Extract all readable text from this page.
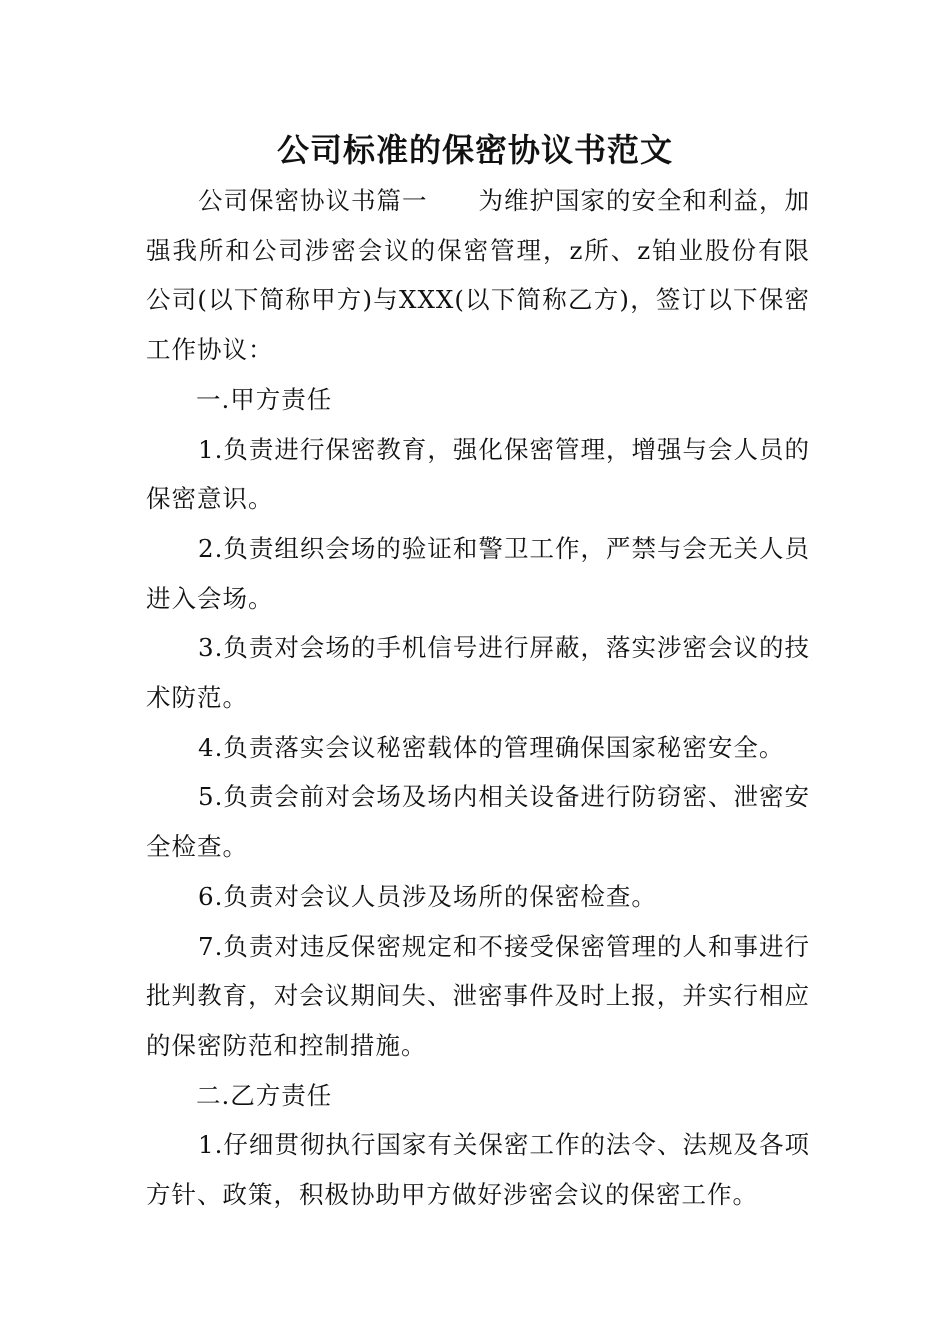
公司标准的保密协议书范文

公司保密协议书篇一　　为维护国家的安全和利益，加强我所和公司涉密会议的保密管理，z所、z铂业股份有限公司(以下简称甲方)与XXX(以下简称乙方)，签订以下保密工作协议：

一.甲方责任

1.负责进行保密教育，强化保密管理，增强与会人员的保密意识。

2.负责组织会场的验证和警卫工作，严禁与会无关人员进入会场。

3.负责对会场的手机信号进行屏蔽，落实涉密会议的技术防范。

4.负责落实会议秘密载体的管理确保国家秘密安全。

5.负责会前对会场及场内相关设备进行防窃密、泄密安全检查。

6.负责对会议人员涉及场所的保密检查。

7.负责对违反保密规定和不接受保密管理的人和事进行批判教育，对会议期间失、泄密事件及时上报，并实行相应的保密防范和控制措施。

二.乙方责任

1.仔细贯彻执行国家有关保密工作的法令、法规及各项方针、政策，积极协助甲方做好涉密会议的保密工作。
